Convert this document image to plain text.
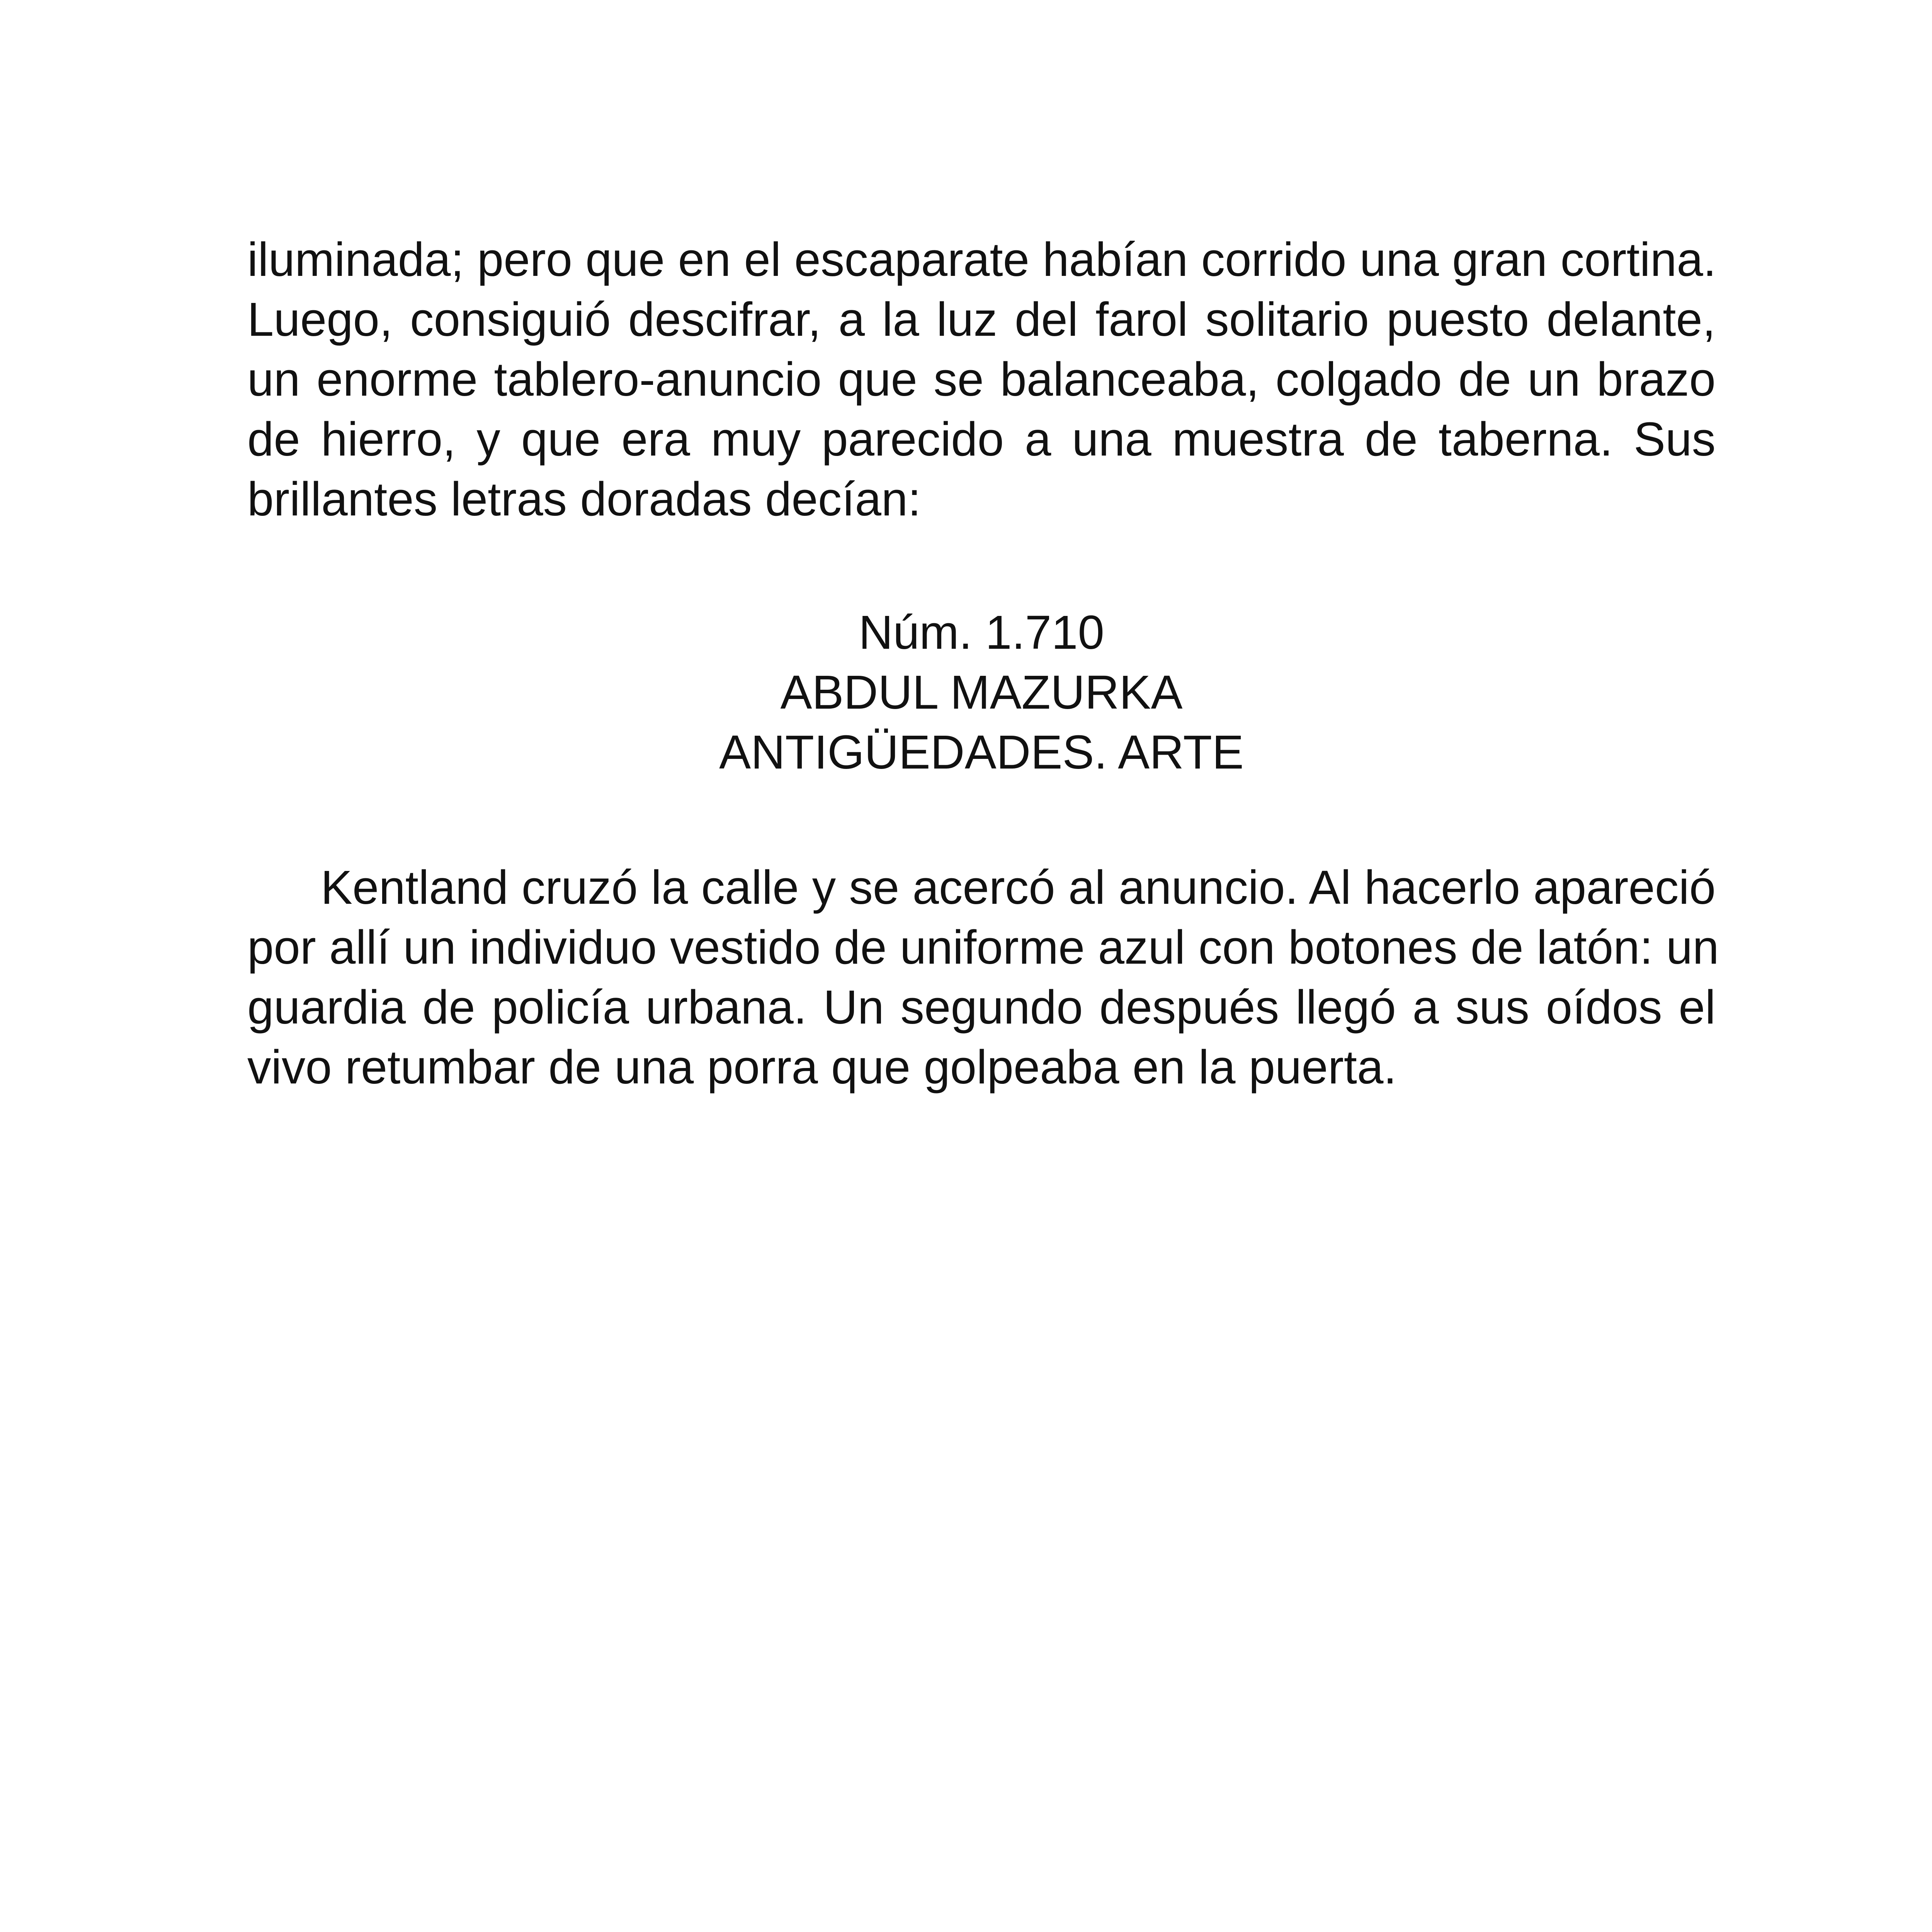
iluminada; pero que en el escaparate habían corrido una gran cortina.
Luego, consiguió descifrar, a la luz del farol solitario puesto delante,
un enorme tablero-anuncio que se balanceaba, colgado de un brazo
de hierro, y que era muy parecido a una muestra de taberna. Sus
brillantes letras doradas decían:
Núm. 1.710
ABDUL MAZURKA
ANTIGÜEDADES. ARTE
Kentland cruzó la calle y se acercó al anuncio. Al hacerlo apareció
por allí un individuo vestido de uniforme azul con botones de latón: un
guardia de policía urbana. Un segundo después llegó a sus oídos el
vivo retumbar de una porra que golpeaba en la puerta.
